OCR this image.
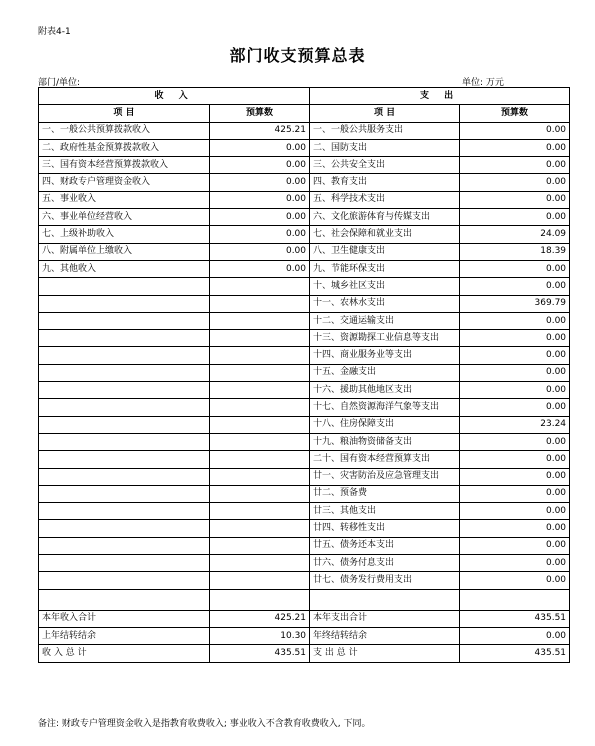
附表4-1
部门收支预算总表
部门/单位:	单位: 万元
收 入		支 出	
项 目	预算数	项 目	预算数
一、一般公共预算拨款收入	425.21	一、一般公共服务支出	0.00
二、政府性基金预算拨款收入	0.00	二、国防支出	0.00
三、国有资本经营预算拨款收入	0.00	三、公共安全支出	0.00
四、财政专户管理资金收入	0.00	四、教育支出	0.00
五、事业收入	0.00	五、科学技术支出	0.00
六、事业单位经营收入	0.00	六、文化旅游体育与传媒支出	0.00
七、上级补助收入	0.00	七、社会保障和就业支出	24.09
八、附属单位上缴收入	0.00	八、卫生健康支出	18.39
九、其他收入	0.00	九、节能环保支出	0.00
		十、城乡社区支出	0.00
		十一、农林水支出	369.79
		十二、交通运输支出	0.00
		十三、资源勘探工业信息等支出	0.00
		十四、商业服务业等支出	0.00
		十五、金融支出	0.00
		十六、援助其他地区支出	0.00
		十七、自然资源海洋气象等支出	0.00
		十八、住房保障支出	23.24
		十九、粮油物资储备支出	0.00
		二十、国有资本经营预算支出	0.00
		廿一、灾害防治及应急管理支出	0.00
		廿二、预备费	0.00
		廿三、其他支出	0.00
		廿四、转移性支出	0.00
		廿五、债务还本支出	0.00
		廿六、债务付息支出	0.00
		廿七、债务发行费用支出	0.00

本年收入合计	425.21	本年支出合计	435.51
上年结转结余	10.30	年终结转结余	0.00
收 入 总 计	435.51	支 出 总 计	435.51
备注: 财政专户管理资金收入是指教育收费收入; 事业收入不含教育收费收入, 下同。
